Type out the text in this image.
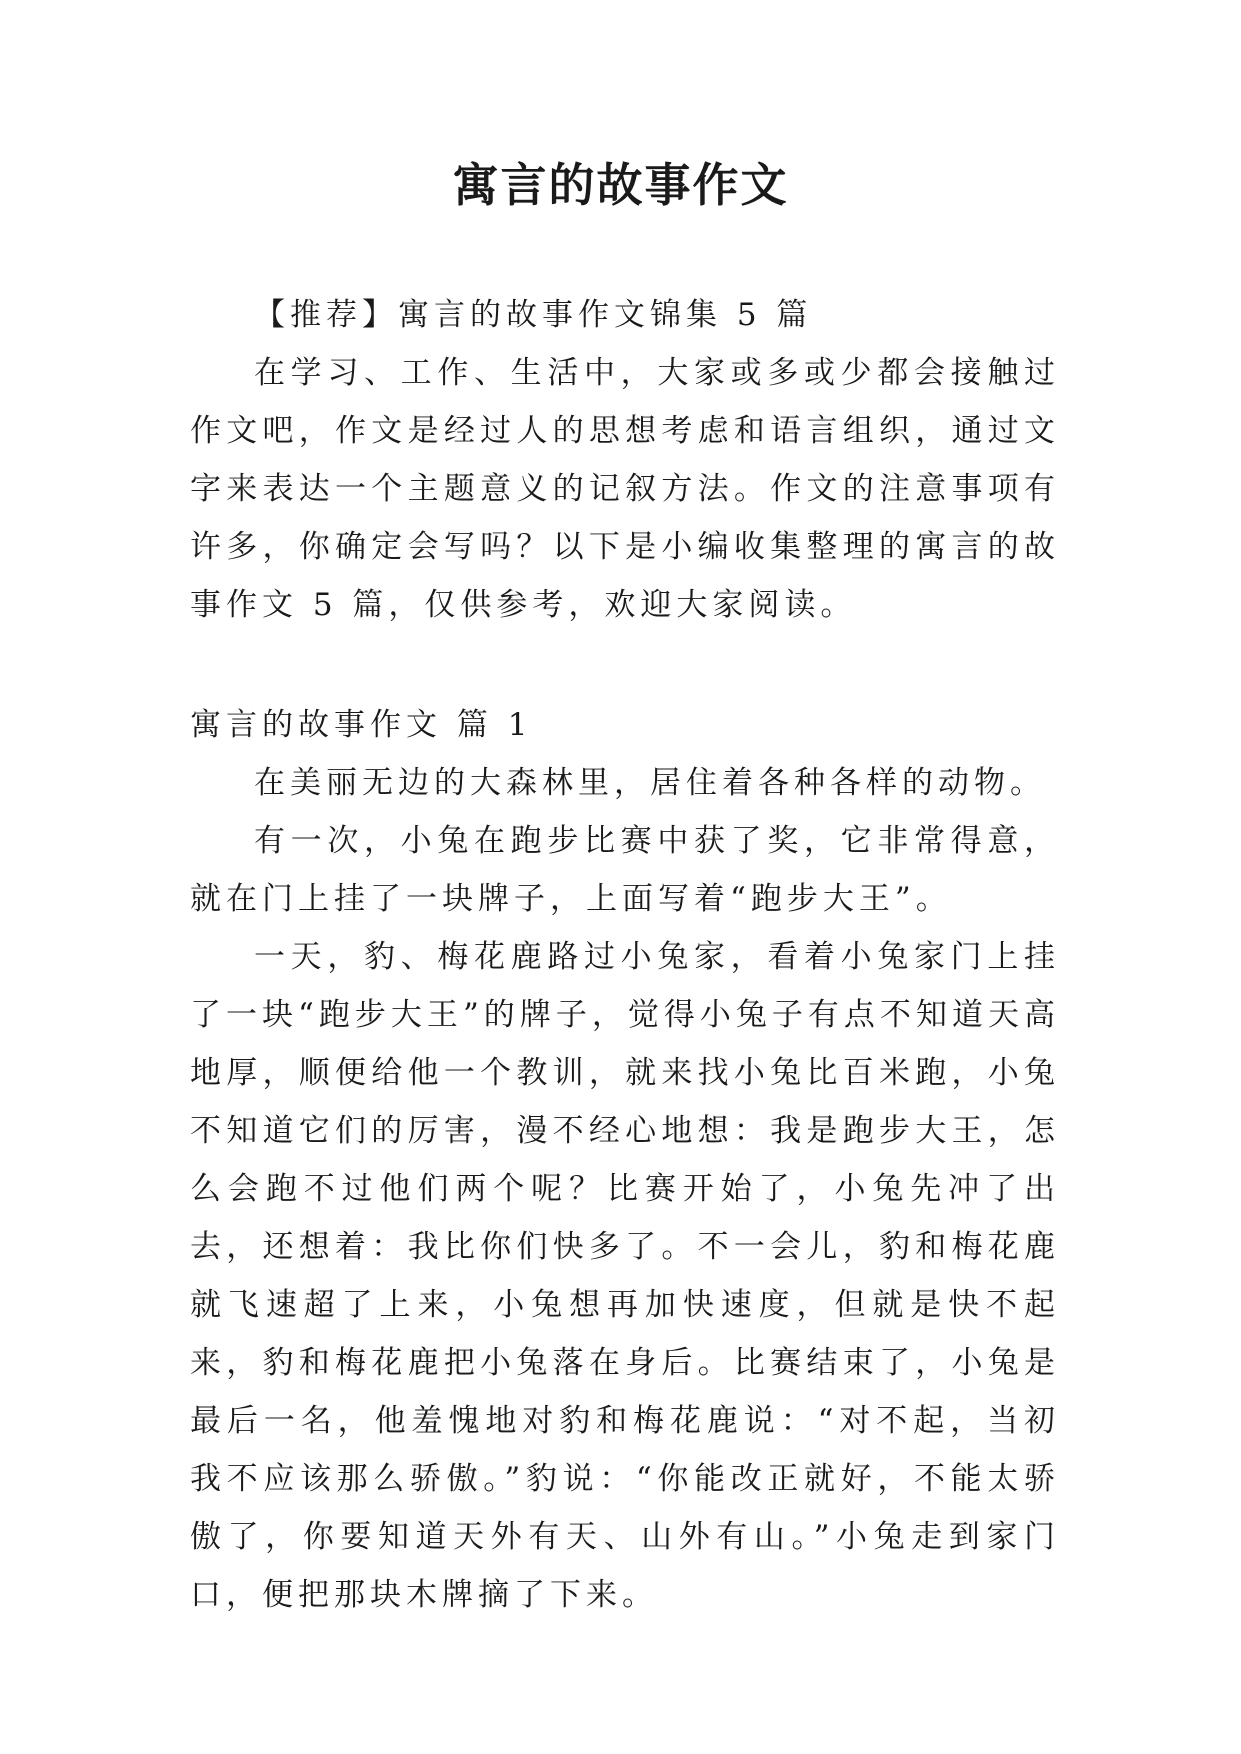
寓言的故事作文

【推荐】寓言的故事作文锦集 5 篇

在学习、工作、生活中，大家或多或少都会接触过作文吧，作文是经过人的思想考虑和语言组织，通过文字来表达一个主题意义的记叙方法。作文的注意事项有许多，你确定会写吗？以下是小编收集整理的寓言的故事作文 5 篇，仅供参考，欢迎大家阅读。

寓言的故事作文 篇 1

在美丽无边的大森林里，居住着各种各样的动物。

有一次，小兔在跑步比赛中获了奖，它非常得意，就在门上挂了一块牌子，上面写着“跑步大王”。

一天，豹、梅花鹿路过小兔家，看着小兔家门上挂了一块“跑步大王”的牌子，觉得小兔子有点不知道天高地厚，顺便给他一个教训，就来找小兔比百米跑，小兔不知道它们的厉害，漫不经心地想：我是跑步大王，怎么会跑不过他们两个呢？比赛开始了，小兔先冲了出去，还想着：我比你们快多了。不一会儿，豹和梅花鹿就飞速超了上来，小兔想再加快速度，但就是快不起来，豹和梅花鹿把小兔落在身后。比赛结束了，小兔是最后一名，他羞愧地对豹和梅花鹿说：“对不起，当初我不应该那么骄傲。”豹说：“你能改正就好，不能太骄傲了，你要知道天外有天、山外有山。”小兔走到家门口，便把那块木牌摘了下来。
